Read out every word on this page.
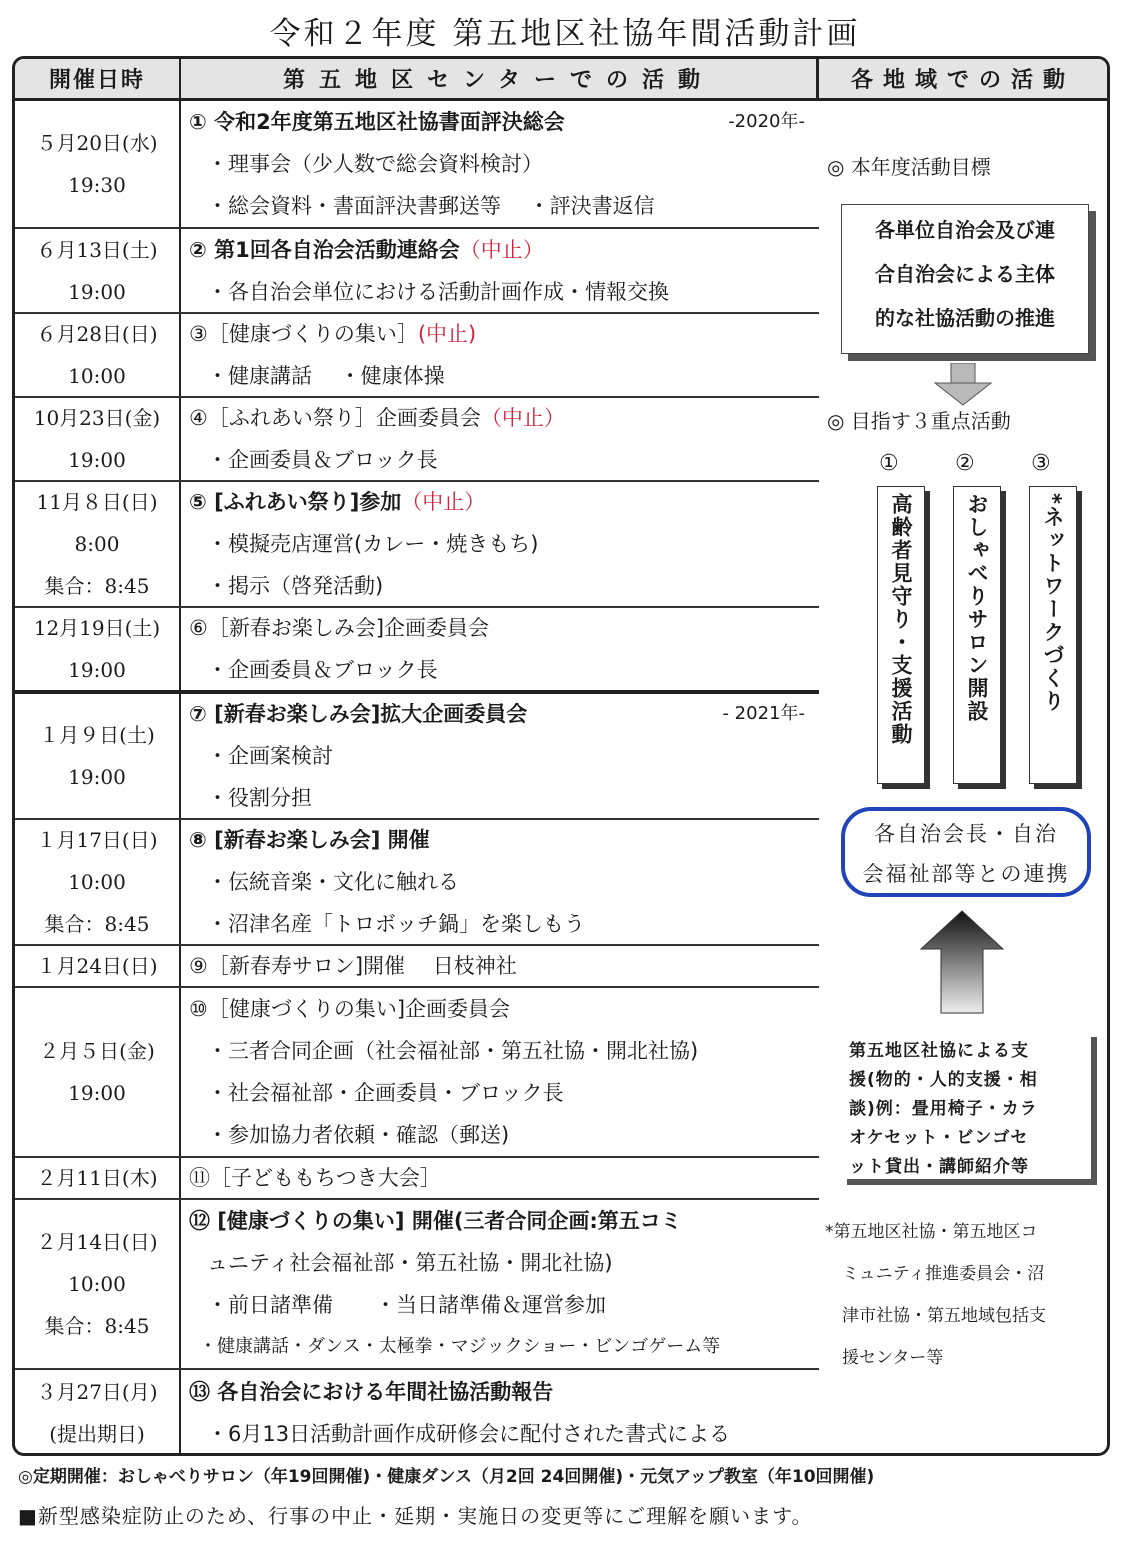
令和２年度 第五地区社協年間活動計画
開催日時	第五地区センターでの活動	各地域での活動
５月20日(水)
19:30
① 令和2年度第五地区社協書面評決総会	-2020年-
・理事会（少人数で総会資料検討）
・総会資料・書面評決書郵送等　 ・評決書返信
６月13日(土)
19:00
② 第1回各自治会活動連絡会（中止）
・各自治会単位における活動計画作成・情報交換
６月28日(日)
10:00
③［健康づくりの集い］(中止)
・健康講話　 ・健康体操
10月23日(金)
19:00
④［ふれあい祭り］企画委員会（中止）
・企画委員＆ブロック長
11月８日(日)
8:00
集合：8:45
⑤ [ふれあい祭り]参加（中止）
・模擬売店運営(カレー・焼きもち)
・掲示（啓発活動)
12月19日(土)
19:00
⑥［新春お楽しみ会]企画委員会
・企画委員＆ブロック長
１月９日(土)
19:00
⑦ [新春お楽しみ会]拡大企画委員会	- 2021年-
・企画案検討
・役割分担
１月17日(日)
10:00
集合：8:45
⑧ [新春お楽しみ会] 開催
・伝統音楽・文化に触れる
・沼津名産「トロボッチ鍋」を楽しもう
１月24日(日) ⑨［新春寿サロン]開催　 日枝神社
２月５日(金)
19:00
⑩［健康づくりの集い]企画委員会
・三者合同企画（社会福祉部・第五社協・開北社協)
・社会福祉部・企画委員・ブロック長
・参加協力者依頼・確認（郵送)
２月11日(木) ⑪［子どももちつき大会］
２月14日(日)
10:00
集合：8:45
⑫ [健康づくりの集い] 開催(三者合同企画:第五コミ
ュニティ社会福祉部・第五社協・開北社協)
・前日諸準備　　・当日諸準備＆運営参加
・健康講話・ダンス・太極拳・マジックショー・ビンゴゲーム等
３月27日(月)
(提出期日)
⑬ 各自治会における年間社協活動報告
・6月13日活動計画作成研修会に配付された書式による
◎ 本年度活動目標
各単位自治会及び連
合自治会による主体
的な社協活動の推進
◎ 目指す３重点活動
①	②	③
高齢者見守り・支援活動	おしゃべりサロン開設	*ネットワークづくり
各自治会長・自治
会福祉部等との連携
第五地区社協による支
援(物的・人的支援・相
談)例：畳用椅子・カラ
オケセット・ビンゴセ
ット貸出・講師紹介等
*第五地区社協・第五地区コ
　ミュニティ推進委員会・沼
　津市社協・第五地域包括支
　援センター等
◎定期開催：おしゃべりサロン（年19回開催)・健康ダンス（月2回 24回開催)・元気アップ教室（年10回開催)
■新型感染症防止のため、行事の中止・延期・実施日の変更等にご理解を願います。
